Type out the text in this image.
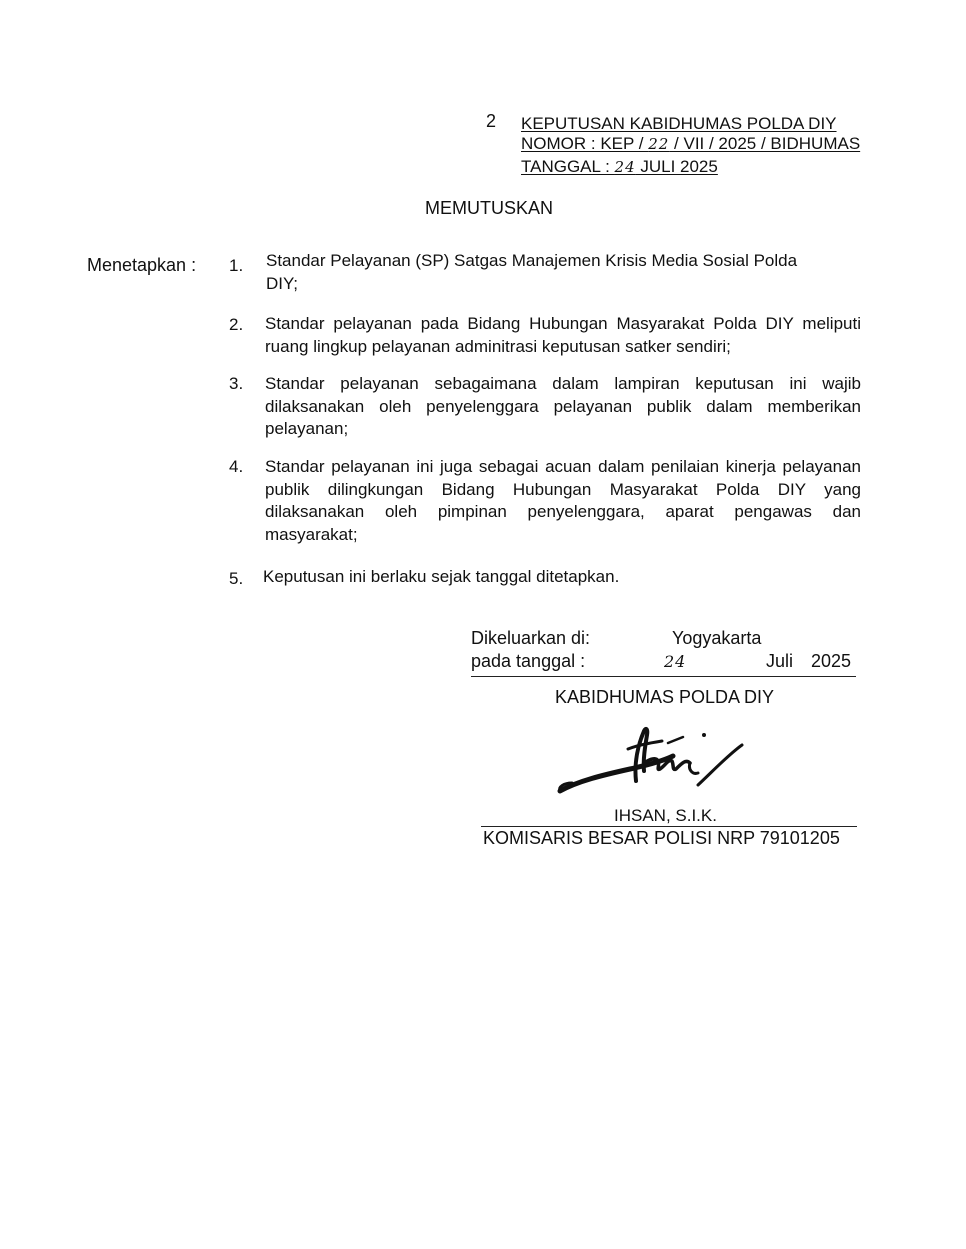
2 KEPUTUSAN KABIDHUMAS POLDA DIY
NOMOR : KEP / 22 / VII / 2025 / BIDHUMAS
TANGGAL : 24 JULI 2025
MEMUTUSKAN
Menetapkan : 1. Standar Pelayanan (SP) Satgas Manajemen Krisis Media Sosial Polda DIY;
2. Standar pelayanan pada Bidang Hubungan Masyarakat Polda DIY meliputi ruang lingkup pelayanan adminitrasi keputusan satker sendiri;
3. Standar pelayanan sebagaimana dalam lampiran keputusan ini wajib dilaksanakan oleh penyelenggara pelayanan publik dalam memberikan pelayanan;
4. Standar pelayanan ini juga sebagai acuan dalam penilaian kinerja pelayanan publik dilingkungan Bidang Hubungan Masyarakat Polda DIY yang dilaksanakan oleh pimpinan penyelenggara, aparat pengawas dan masyarakat;
5. Keputusan ini berlaku sejak tanggal ditetapkan.
Dikeluarkan di:	Yogyakarta
pada tanggal :	24	Juli 2025
KABIDHUMAS POLDA DIY
IHSAN, S.I.K.
KOMISARIS BESAR POLISI NRP 79101205
